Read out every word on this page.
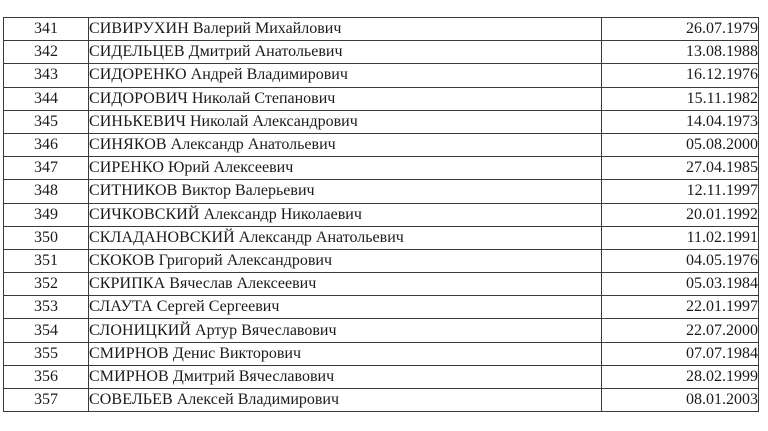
341	СИВИРУХИН Валерий Михайлович	26.07.1979
342	СИДЕЛЬЦЕВ Дмитрий Анатольевич	13.08.1988
343	СИДОРЕНКО Андрей Владимирович	16.12.1976
344	СИДОРОВИЧ Николай Степанович	15.11.1982
345	СИНЬКЕВИЧ Николай Александрович	14.04.1973
346	СИНЯКОВ Александр Анатольевич	05.08.2000
347	СИРЕНКО Юрий Алексеевич	27.04.1985
348	СИТНИКОВ Виктор Валерьевич	12.11.1997
349	СИЧКОВСКИЙ Александр Николаевич	20.01.1992
350	СКЛАДАНОВСКИЙ Александр Анатольевич	11.02.1991
351	СКОКОВ Григорий Александрович	04.05.1976
352	СКРИПКА Вячеслав Алексеевич	05.03.1984
353	СЛАУТА Сергей Сергеевич	22.01.1997
354	СЛОНИЦКИЙ Артур Вячеславович	22.07.2000
355	СМИРНОВ Денис Викторович	07.07.1984
356	СМИРНОВ Дмитрий Вячеславович	28.02.1999
357	СОВЕЛЬЕВ Алексей Владимирович	08.01.2003
